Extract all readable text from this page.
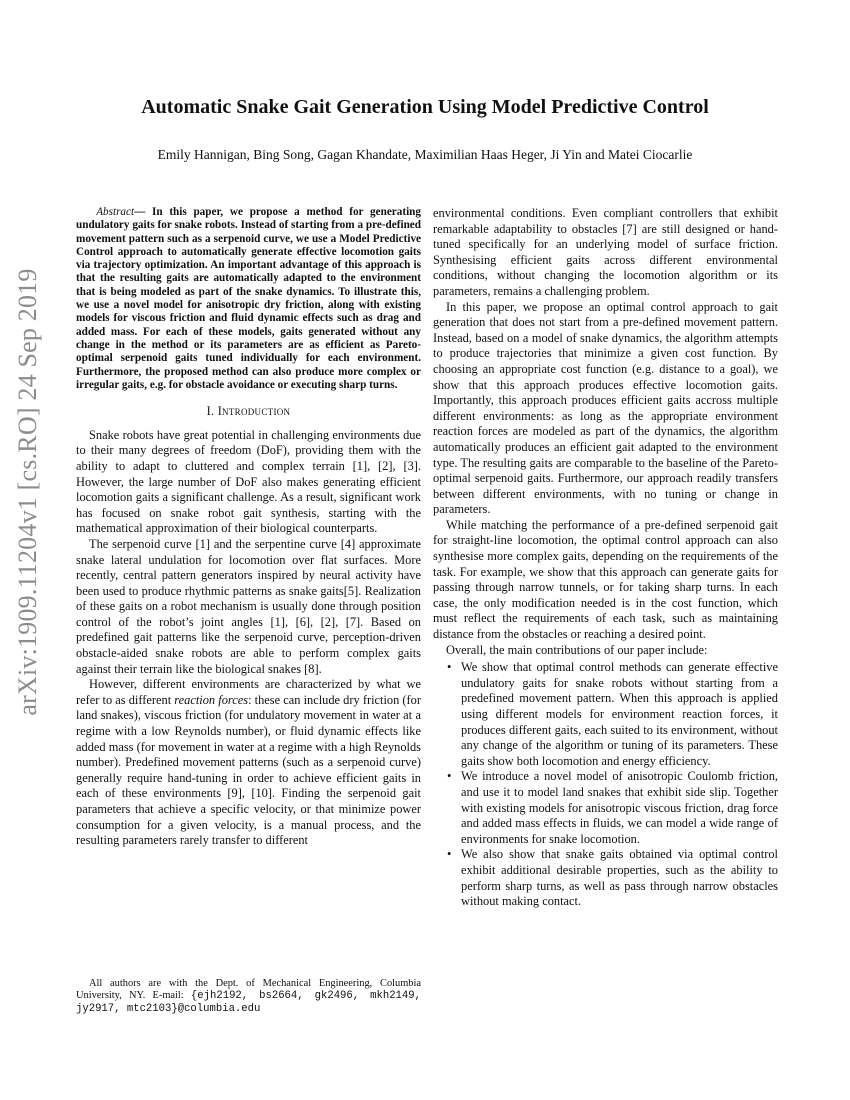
arXiv:1909.11204v1 [cs.RO] 24 Sep 2019
Automatic Snake Gait Generation Using Model Predictive Control
Emily Hannigan, Bing Song, Gagan Khandate, Maximilian Haas Heger, Ji Yin and Matei Ciocarlie

Abstract— In this paper, we propose a method for generating undulatory gaits for snake robots. Instead of starting from a pre-defined movement pattern such as a serpenoid curve, we use a Model Predictive Control approach to automatically generate effective locomotion gaits via trajectory optimization. An important advantage of this approach is that the resulting gaits are automatically adapted to the environment that is being modeled as part of the snake dynamics. To illustrate this, we use a novel model for anisotropic dry friction, along with existing models for viscous friction and fluid dynamic effects such as drag and added mass. For each of these models, gaits generated without any change in the method or its parameters are as efficient as Pareto-optimal serpenoid gaits tuned individually for each environment. Furthermore, the proposed method can also produce more complex or irregular gaits, e.g. for obstacle avoidance or executing sharp turns.

I. Introduction

Snake robots have great potential in challenging environments due to their many degrees of freedom (DoF), providing them with the ability to adapt to cluttered and complex terrain [1], [2], [3]. However, the large number of DoF also makes generating efficient locomotion gaits a significant challenge. As a result, significant work has focused on snake robot gait synthesis, starting with the mathematical approximation of their biological counterparts.

The serpenoid curve [1] and the serpentine curve [4] approximate snake lateral undulation for locomotion over flat surfaces. More recently, central pattern generators inspired by neural activity have been used to produce rhythmic patterns as snake gaits[5]. Realization of these gaits on a robot mechanism is usually done through position control of the robot’s joint angles [1], [6], [2], [7]. Based on predefined gait patterns like the serpenoid curve, perception-driven obstacle-aided snake robots are able to perform complex gaits against their terrain like the biological snakes [8].

However, different environments are characterized by what we refer to as different reaction forces: these can include dry friction (for land snakes), viscous friction (for undulatory movement in water at a regime with a low Reynolds number), or fluid dynamic effects like added mass (for movement in water at a regime with a high Reynolds number). Predefined movement patterns (such as a serpenoid curve) generally require hand-tuning in order to achieve efficient gaits in each of these environments [9], [10]. Finding the serpenoid gait parameters that achieve a specific velocity, or that minimize power consumption for a given velocity, is a manual process, and the resulting parameters rarely transfer to different

All authors are with the Dept. of Mechanical Engineering, Columbia University, NY. E-mail: {ejh2192, bs2664, gk2496, mkh2149, jy2917, mtc2103}@columbia.edu

environmental conditions. Even compliant controllers that exhibit remarkable adaptability to obstacles [7] are still designed or hand-tuned specifically for an underlying model of surface friction. Synthesising efficient gaits across different environmental conditions, without changing the locomotion algorithm or its parameters, remains a challenging problem.

In this paper, we propose an optimal control approach to gait generation that does not start from a pre-defined movement pattern. Instead, based on a model of snake dynamics, the algorithm attempts to produce trajectories that minimize a given cost function. By choosing an appropriate cost function (e.g. distance to a goal), we show that this approach produces effective locomotion gaits. Importantly, this approach produces efficient gaits accross multiple different environments: as long as the appropriate environment reaction forces are modeled as part of the dynamics, the algorithm automatically produces an efficient gait adapted to the environment type. The resulting gaits are comparable to the baseline of the Pareto-optimal serpenoid gaits. Furthermore, our approach readily transfers between different environments, with no tuning or change in parameters.

While matching the performance of a pre-defined serpenoid gait for straight-line locomotion, the optimal control approach can also synthesise more complex gaits, depending on the requirements of the task. For example, we show that this approach can generate gaits for passing through narrow tunnels, or for taking sharp turns. In each case, the only modification needed is in the cost function, which must reflect the requirements of each task, such as maintaining distance from the obstacles or reaching a desired point.

Overall, the main contributions of our paper include:

• We show that optimal control methods can generate effective undulatory gaits for snake robots without starting from a predefined movement pattern. When this approach is applied using different models for environment reaction forces, it produces different gaits, each suited to its environment, without any change of the algorithm or tuning of its parameters. These gaits show both locomotion and energy efficiency.
• We introduce a novel model of anisotropic Coulomb friction, and use it to model land snakes that exhibit side slip. Together with existing models for anisotropic viscous friction, drag force and added mass effects in fluids, we can model a wide range of environments for snake locomotion.
• We also show that snake gaits obtained via optimal control exhibit additional desirable properties, such as the ability to perform sharp turns, as well as pass through narrow obstacles without making contact.
